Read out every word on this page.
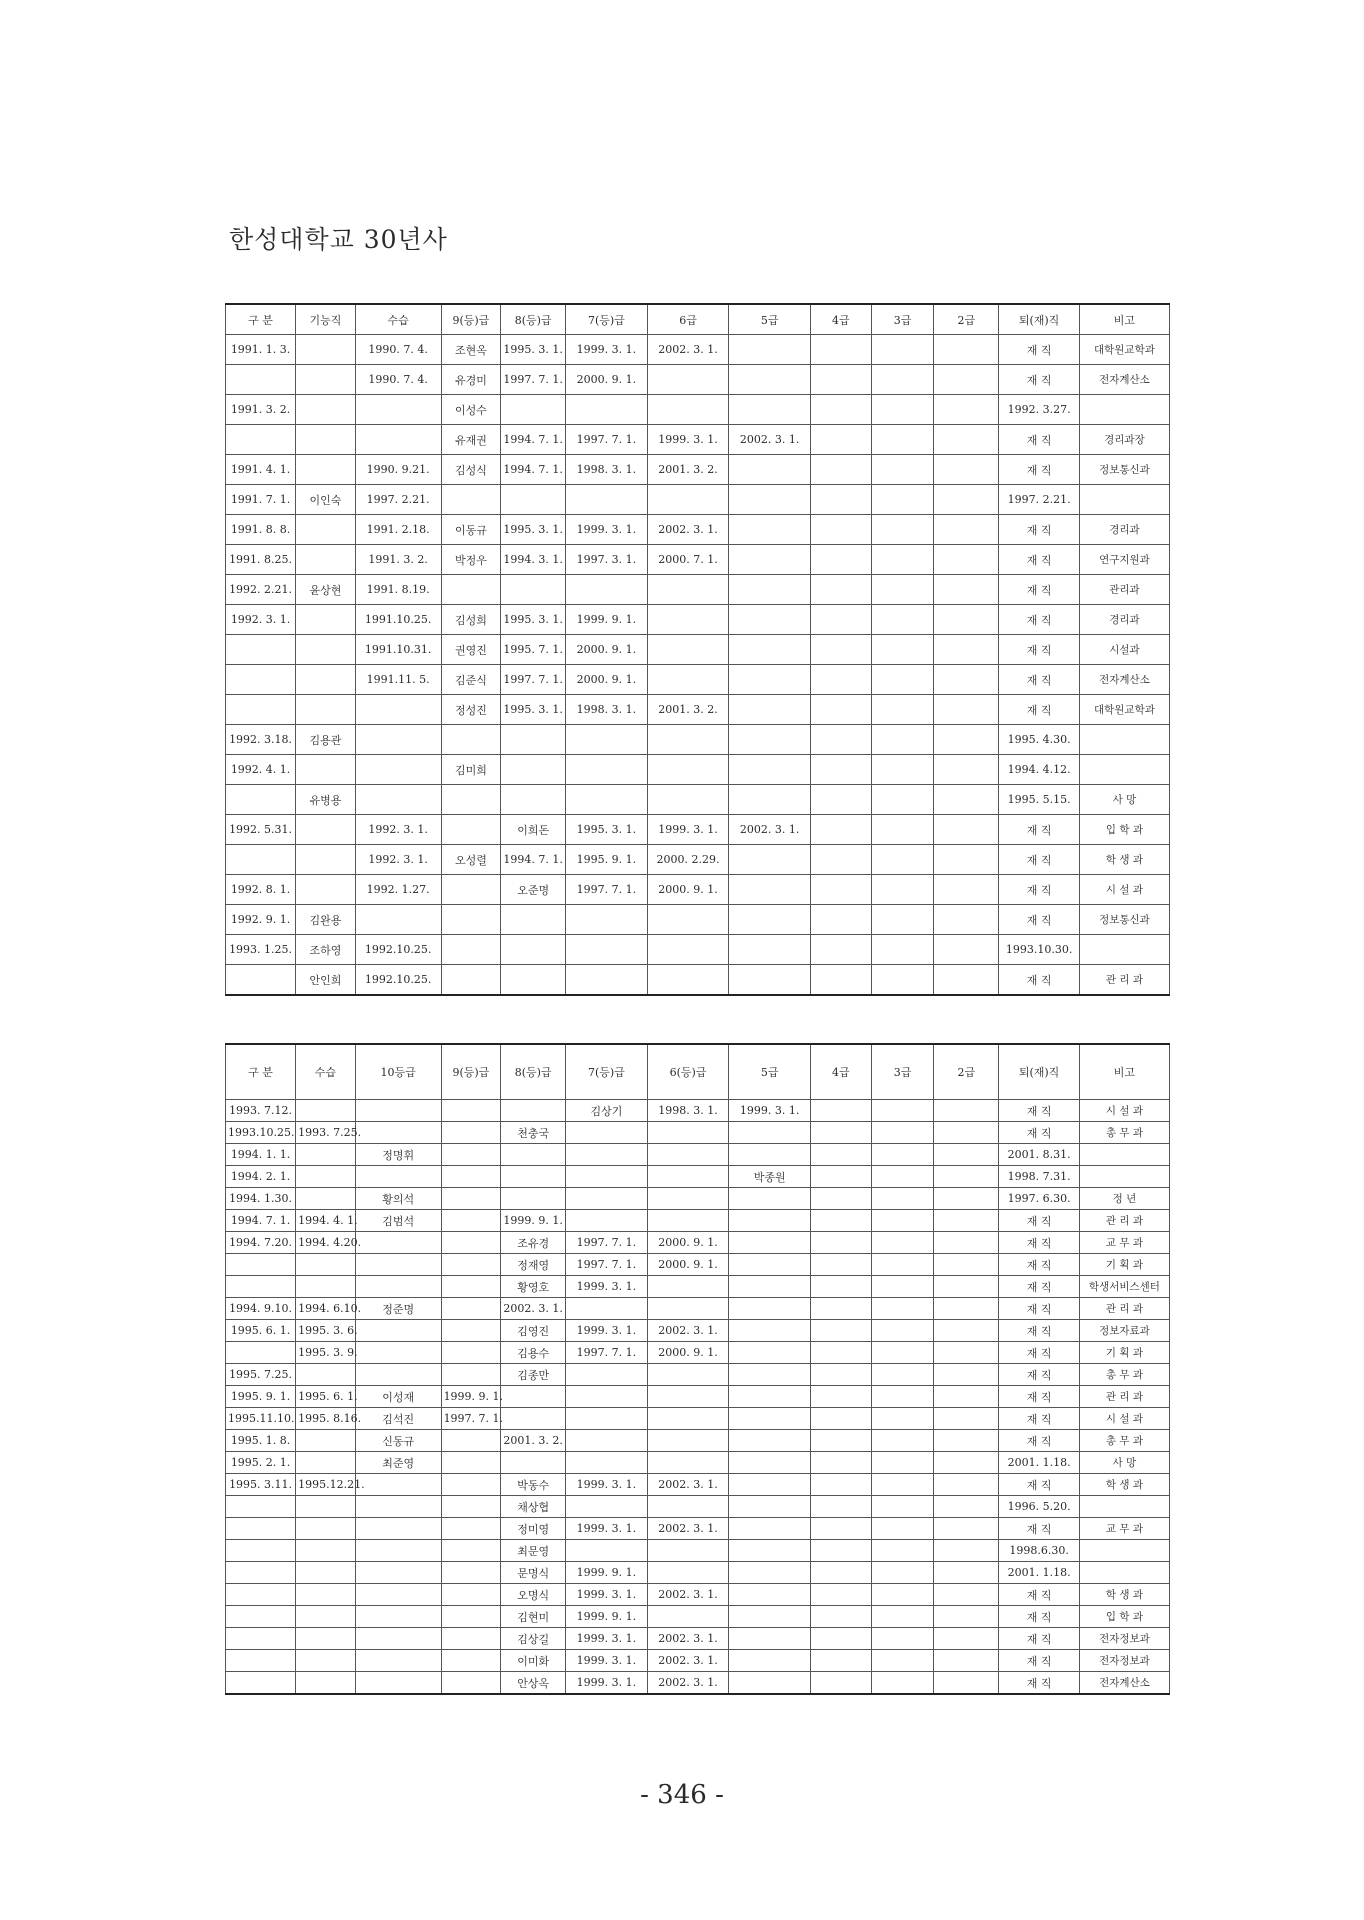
한성대학교 30년사
구 분	기능직	수습	9(등)급	8(등)급	7(등)급	6급	5급	4급	3급	2급	퇴(재)직	비고
1991. 1. 3.		1990. 7. 4.	조현옥	1995. 3. 1.	1999. 3. 1.	2002. 3. 1.					재 직	대학원교학과
		1990. 7. 4.	유경미	1997. 7. 1.	2000. 9. 1.						재 직	전자계산소
1991. 3. 2.			이성수								1992. 3.27.	
			유재권	1994. 7. 1.	1997. 7. 1.	1999. 3. 1.	2002. 3. 1.				재 직	경리과장
1991. 4. 1.		1990. 9.21.	김성식	1994. 7. 1.	1998. 3. 1.	2001. 3. 2.					재 직	정보통신과
1991. 7. 1.	이인숙	1997. 2.21.									1997. 2.21.	
1991. 8. 8.		1991. 2.18.	이동규	1995. 3. 1.	1999. 3. 1.	2002. 3. 1.					재 직	경리과
1991. 8.25.		1991. 3. 2.	박정우	1994. 3. 1.	1997. 3. 1.	2000. 7. 1.					재 직	연구지원과
1992. 2.21.	윤상현	1991. 8.19.									재 직	관리과
1992. 3. 1.		1991.10.25.	김성희	1995. 3. 1.	1999. 9. 1.						재 직	경리과
		1991.10.31.	권영진	1995. 7. 1.	2000. 9. 1.						재 직	시설과
		1991.11. 5.	김준식	1997. 7. 1.	2000. 9. 1.						재 직	전자계산소
			정성진	1995. 3. 1.	1998. 3. 1.	2001. 3. 2.					재 직	대학원교학과
1992. 3.18.	김용관										1995. 4.30.	
1992. 4. 1.			김미희								1994. 4.12.	
	유병용										1995. 5.15.	사 망
1992. 5.31.		1992. 3. 1.		이희돈	1995. 3. 1.	1999. 3. 1.	2002. 3. 1.				재 직	입 학 과
		1992. 3. 1.	오성렬	1994. 7. 1.	1995. 9. 1.	2000. 2.29.					재 직	학 생 과
1992. 8. 1.		1992. 1.27.		오준명	1997. 7. 1.	2000. 9. 1.					재 직	시 설 과
1992. 9. 1.	김완용										재 직	정보통신과
1993. 1.25.	조하영	1992.10.25.									1993.10.30.	
	안인희	1992.10.25.									재 직	관 리 과
구 분	수습	10등급	9(등)급	8(등)급	7(등)급	6(등)급	5급	4급	3급	2급	퇴(재)직	비고
1993. 7.12.					김상기	1998. 3. 1.	1999. 3. 1.				재 직	시 설 과
1993.10.25.	1993. 7.25.			천충국							재 직	총 무 과
1994. 1. 1.		정명휘									2001. 8.31.	
1994. 2. 1.							박종원				1998. 7.31.	
1994. 1.30.		황의석									1997. 6.30.	정 년
1994. 7. 1.	1994. 4. 1.	김범석		1999. 9. 1.							재 직	관 리 과
1994. 7.20.	1994. 4.20.			조유경	1997. 7. 1.	2000. 9. 1.					재 직	교 무 과
				정재영	1997. 7. 1.	2000. 9. 1.					재 직	기 획 과
				황영호	1999. 3. 1.						재 직	학생서비스센터
1994. 9.10.	1994. 6.10.	정준명		2002. 3. 1.							재 직	관 리 과
1995. 6. 1.	1995. 3. 6.			김영진	1999. 3. 1.	2002. 3. 1.					재 직	정보자료과
	1995. 3. 9.			김용수	1997. 7. 1.	2000. 9. 1.					재 직	기 획 과
1995. 7.25.				김종만							재 직	총 무 과
1995. 9. 1.	1995. 6. 1.	이성재	1999. 9. 1.								재 직	관 리 과
1995.11.10.	1995. 8.16.	김석진	1997. 7. 1.								재 직	시 설 과
1995. 1. 8.		신동규		2001. 3. 2.							재 직	총 무 과
1995. 2. 1.		최준영									2001. 1.18.	사 망
1995. 3.11.	1995.12.21.			박동수	1999. 3. 1.	2002. 3. 1.					재 직	학 생 과
				채상협							1996. 5.20.	
				정미영	1999. 3. 1.	2002. 3. 1.					재 직	교 무 과
				최문영							1998.6.30.	
				문명식	1999. 9. 1.						2001. 1.18.	
				오명식	1999. 3. 1.	2002. 3. 1.					재 직	학 생 과
				김현미	1999. 9. 1.						재 직	입 학 과
				김상길	1999. 3. 1.	2002. 3. 1.					재 직	전자정보과
				이미화	1999. 3. 1.	2002. 3. 1.					재 직	전자정보과
				안상옥	1999. 3. 1.	2002. 3. 1.					재 직	전자계산소
- 346 -
